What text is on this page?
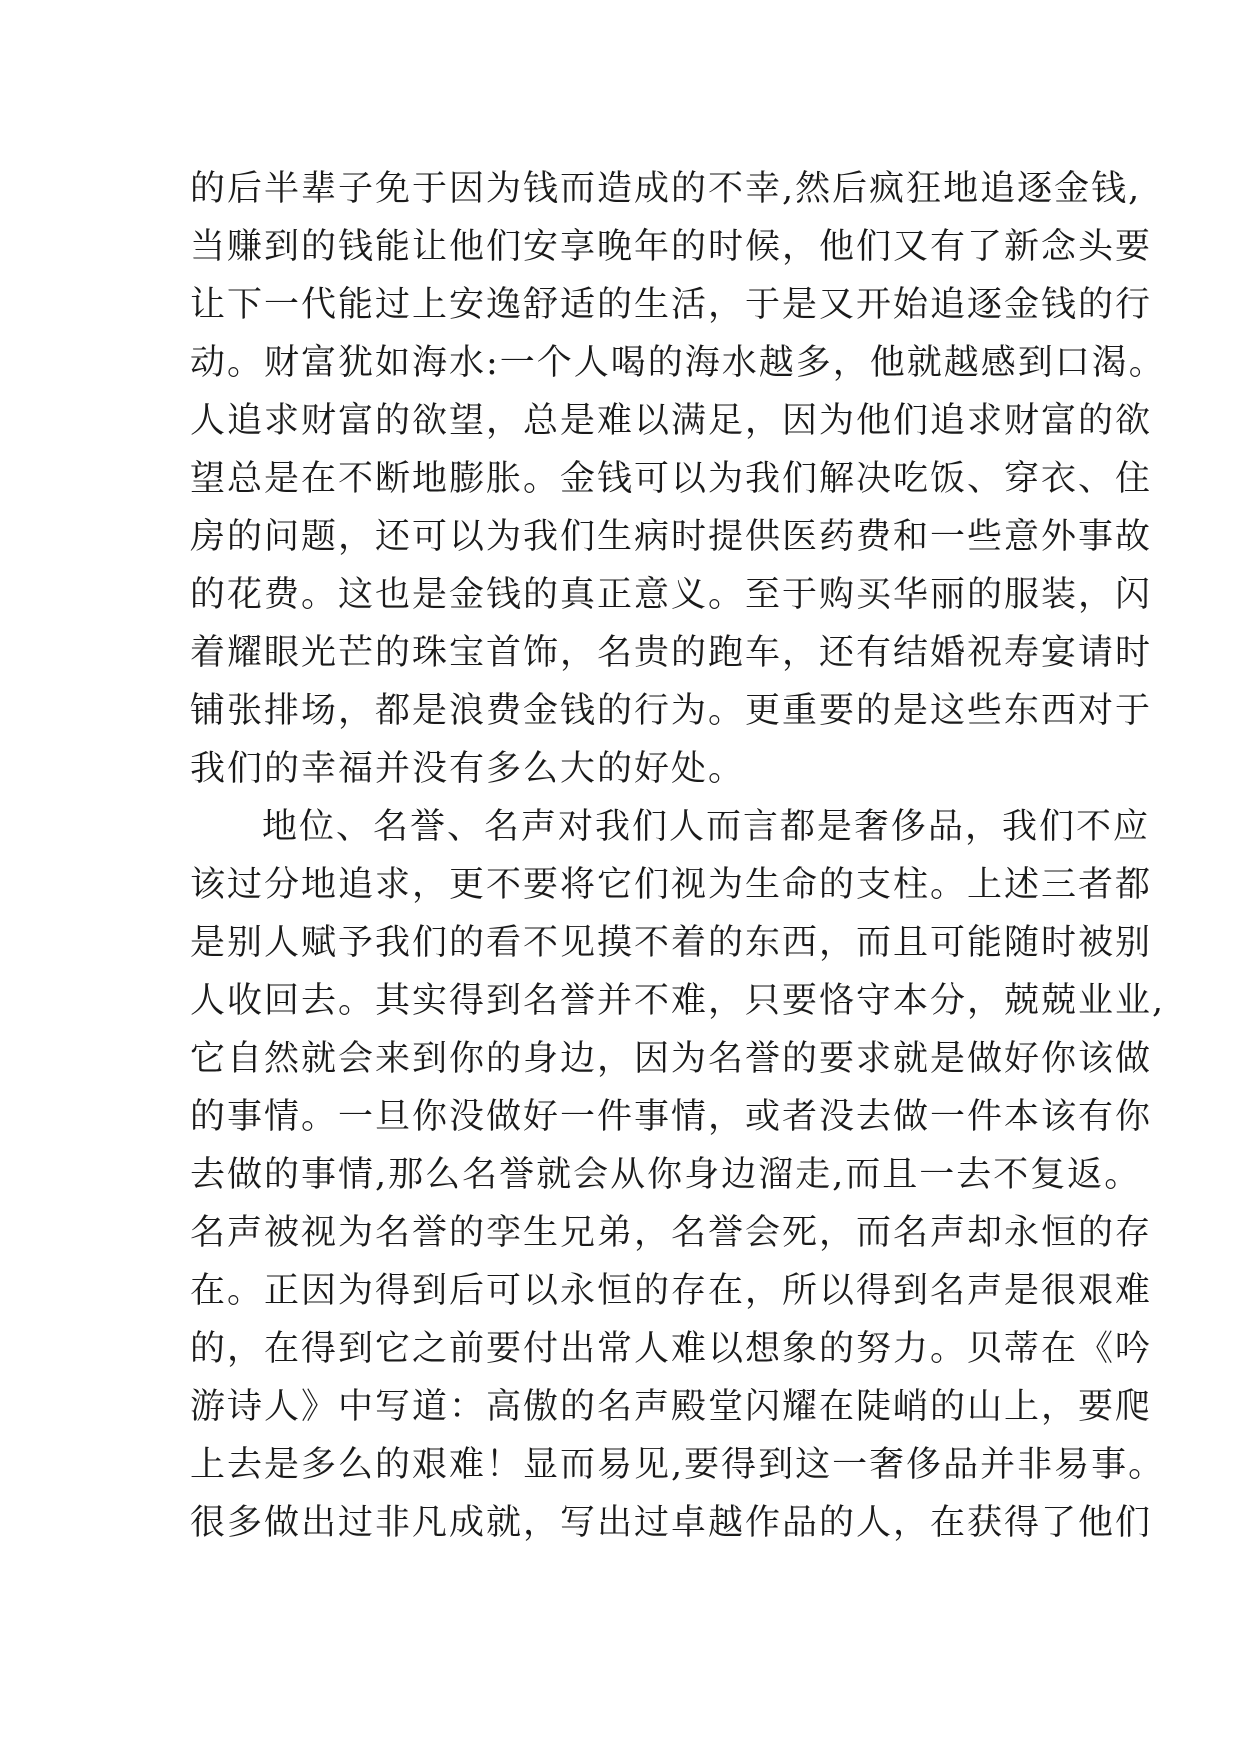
的后半辈子免于因为钱而造成的不幸,然后疯狂地追逐金钱,
当赚到的钱能让他们安享晚年的时候，他们又有了新念头要
让下一代能过上安逸舒适的生活，于是又开始追逐金钱的行
动。财富犹如海水:一个人喝的海水越多，他就越感到口渴。
人追求财富的欲望，总是难以满足，因为他们追求财富的欲
望总是在不断地膨胀。金钱可以为我们解决吃饭、穿衣、住
房的问题，还可以为我们生病时提供医药费和一些意外事故
的花费。这也是金钱的真正意义。至于购买华丽的服装，闪
着耀眼光芒的珠宝首饰，名贵的跑车，还有结婚祝寿宴请时
铺张排场，都是浪费金钱的行为。更重要的是这些东西对于
我们的幸福并没有多么大的好处。
地位、名誉、名声对我们人而言都是奢侈品，我们不应
该过分地追求，更不要将它们视为生命的支柱。上述三者都
是别人赋予我们的看不见摸不着的东西，而且可能随时被别
人收回去。其实得到名誉并不难，只要恪守本分，兢兢业业,
它自然就会来到你的身边，因为名誉的要求就是做好你该做
的事情。一旦你没做好一件事情，或者没去做一件本该有你
去做的事情,那么名誉就会从你身边溜走,而且一去不复返。
名声被视为名誉的孪生兄弟，名誉会死，而名声却永恒的存
在。正因为得到后可以永恒的存在，所以得到名声是很艰难
的，在得到它之前要付出常人难以想象的努力。贝蒂在《吟
游诗人》中写道：高傲的名声殿堂闪耀在陡峭的山上，要爬
上去是多么的艰难！显而易见,要得到这一奢侈品并非易事。
很多做出过非凡成就，写出过卓越作品的人，在获得了他们
